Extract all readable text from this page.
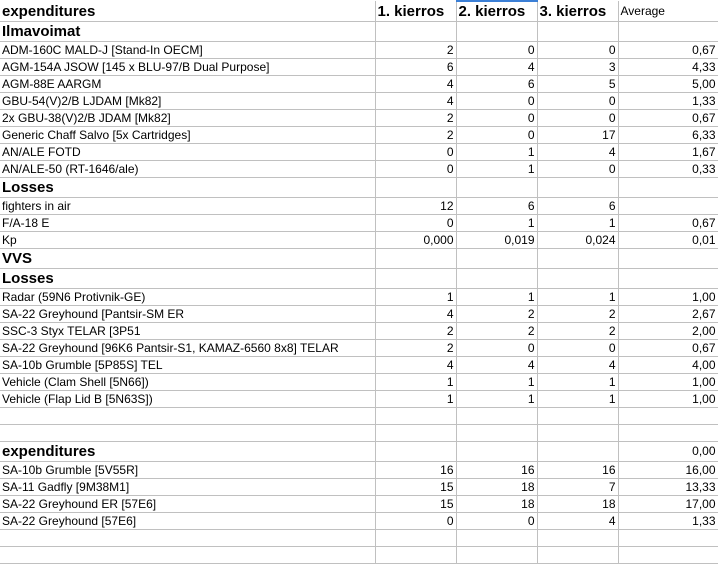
expenditures	1. kierros	2. kierros	3. kierros	Average
Ilmavoimat				
ADM-160C MALD-J [Stand-In OECM]	2	0	0	0,67
AGM-154A JSOW [145 x BLU-97/B Dual Purpose]	6	4	3	4,33
AGM-88E AARGM	4	6	5	5,00
GBU-54(V)2/B LJDAM [Mk82]	4	0	0	1,33
2x GBU-38(V)2/B JDAM [Mk82]	2	0	0	0,67
Generic Chaff Salvo [5x Cartridges]	2	0	17	6,33
AN/ALE FOTD	0	1	4	1,67
AN/ALE-50 (RT-1646/ale)	0	1	0	0,33
Losses				
fighters in air	12	6	6	
F/A-18 E	0	1	1	0,67
Kp	0,000	0,019	0,024	0,01
VVS				
Losses				
Radar (59N6 Protivnik-GE)	1	1	1	1,00
SA-22 Greyhound [Pantsir-SM ER	4	2	2	2,67
SSC-3 Styx TELAR [3P51	2	2	2	2,00
SA-22 Greyhound [96K6 Pantsir-S1, KAMAZ-6560 8x8] TELAR	2	0	0	0,67
SA-10b Grumble [5P85S] TEL	4	4	4	4,00
Vehicle (Clam Shell [5N66])	1	1	1	1,00
Vehicle (Flap Lid B [5N63S])	1	1	1	1,00

expenditures				0,00
SA-10b Grumble [5V55R]	16	16	16	16,00
SA-11 Gadfly [9M38M1]	15	18	7	13,33
SA-22 Greyhound ER [57E6]	15	18	18	17,00
SA-22 Greyhound [57E6]	0	0	4	1,33
